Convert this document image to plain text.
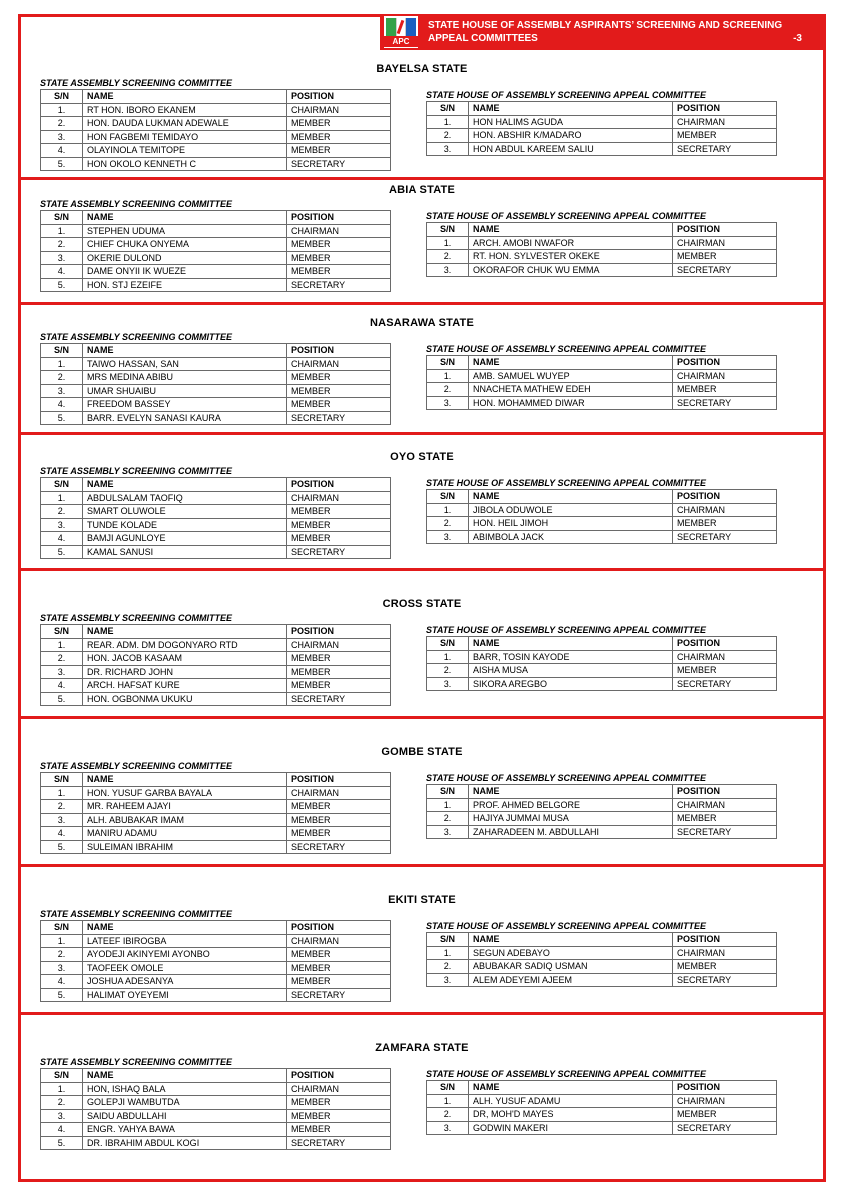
APC
STATE HOUSE OF ASSEMBLY ASPIRANTS’ SCREENING AND SCREENING APPEAL COMMITTEES	-3
BAYELSA STATE
STATE ASSEMBLY SCREENING COMMITTEE
S/N	NAME	POSITION
1.	RT HON. IBORO EKANEM	CHAIRMAN
2.	HON. DAUDA LUKMAN ADEWALE	MEMBER
3.	HON FAGBEMI TEMIDAYO	MEMBER
4.	OLAYINOLA TEMITOPE	MEMBER
5.	HON OKOLO KENNETH C	SECRETARY
STATE HOUSE OF ASSEMBLY SCREENING APPEAL COMMITTEE
S/N	NAME	POSITION
1.	HON HALIMS AGUDA	CHAIRMAN
2.	HON. ABSHIR K/MADARO	MEMBER
3.	HON ABDUL KAREEM SALIU	SECRETARY
ABIA STATE
STATE ASSEMBLY SCREENING COMMITTEE
S/N	NAME	POSITION
1.	STEPHEN UDUMA	CHAIRMAN
2.	CHIEF CHUKA ONYEMA	MEMBER
3.	OKERIE DULOND	MEMBER
4.	DAME ONYII IK WUEZE	MEMBER
5.	HON. STJ EZEIFE	SECRETARY
STATE HOUSE OF ASSEMBLY SCREENING APPEAL COMMITTEE
S/N	NAME	POSITION
1.	ARCH. AMOBI NWAFOR	CHAIRMAN
2.	RT. HON. SYLVESTER OKEKE	MEMBER
3.	OKORAFOR CHUK WU EMMA	SECRETARY
NASARAWA STATE
STATE ASSEMBLY SCREENING COMMITTEE
S/N	NAME	POSITION
1.	TAIWO HASSAN, SAN	CHAIRMAN
2.	MRS MEDINA ABIBU	MEMBER
3.	UMAR SHUAIBU	MEMBER
4.	FREEDOM BASSEY	MEMBER
5.	BARR. EVELYN SANASI KAURA	SECRETARY
STATE HOUSE OF ASSEMBLY SCREENING APPEAL COMMITTEE
S/N	NAME	POSITION
1.	AMB. SAMUEL WUYEP	CHAIRMAN
2.	NNACHETA MATHEW EDEH	MEMBER
3.	HON. MOHAMMED DIWAR	SECRETARY
OYO STATE
STATE ASSEMBLY SCREENING COMMITTEE
S/N	NAME	POSITION
1.	ABDULSALAM TAOFIQ	CHAIRMAN
2.	SMART OLUWOLE	MEMBER
3.	TUNDE KOLADE	MEMBER
4.	BAMJI AGUNLOYE	MEMBER
5.	KAMAL SANUSI	SECRETARY
STATE HOUSE OF ASSEMBLY SCREENING APPEAL COMMITTEE
S/N	NAME	POSITION
1.	JIBOLA ODUWOLE	CHAIRMAN
2.	HON. HEIL JIMOH	MEMBER
3.	ABIMBOLA JACK	SECRETARY
CROSS STATE
STATE ASSEMBLY SCREENING COMMITTEE
S/N	NAME	POSITION
1.	REAR. ADM. DM DOGONYARO RTD	CHAIRMAN
2.	HON. JACOB KASAAM	MEMBER
3.	DR. RICHARD JOHN	MEMBER
4.	ARCH. HAFSAT KURE	MEMBER
5.	HON. OGBONMA UKUKU	SECRETARY
STATE HOUSE OF ASSEMBLY SCREENING APPEAL COMMITTEE
S/N	NAME	POSITION
1.	BARR, TOSIN KAYODE	CHAIRMAN
2.	AISHA MUSA	MEMBER
3.	SIKORA AREGBO	SECRETARY
GOMBE STATE
STATE ASSEMBLY SCREENING COMMITTEE
S/N	NAME	POSITION
1.	HON. YUSUF GARBA BAYALA	CHAIRMAN
2.	MR. RAHEEM AJAYI	MEMBER
3.	ALH. ABUBAKAR IMAM	MEMBER
4.	MANIRU ADAMU	MEMBER
5.	SULEIMAN IBRAHIM	SECRETARY
STATE HOUSE OF ASSEMBLY SCREENING APPEAL COMMITTEE
S/N	NAME	POSITION
1.	PROF. AHMED BELGORE	CHAIRMAN
2.	HAJIYA JUMMAI MUSA	MEMBER
3.	ZAHARADEEN M. ABDULLAHI	SECRETARY
EKITI STATE
STATE ASSEMBLY SCREENING COMMITTEE
S/N	NAME	POSITION
1.	LATEEF IBIROGBA	CHAIRMAN
2.	AYODEJI AKINYEMI AYONBO	MEMBER
3.	TAOFEEK OMOLE	MEMBER
4.	JOSHUA ADESANYA	MEMBER
5.	HALIMAT OYEYEMI	SECRETARY
STATE HOUSE OF ASSEMBLY SCREENING APPEAL COMMITTEE
S/N	NAME	POSITION
1.	SEGUN ADEBAYO	CHAIRMAN
2.	ABUBAKAR SADIQ USMAN	MEMBER
3.	ALEM ADEYEMI AJEEM	SECRETARY
ZAMFARA STATE
STATE ASSEMBLY SCREENING COMMITTEE
S/N	NAME	POSITION
1.	HON, ISHAQ BALA	CHAIRMAN
2.	GOLEPJI WAMBUTDA	MEMBER
3.	SAIDU ABDULLAHI	MEMBER
4.	ENGR. YAHYA BAWA	MEMBER
5.	DR. IBRAHIM ABDUL KOGI	SECRETARY
STATE HOUSE OF ASSEMBLY SCREENING APPEAL COMMITTEE
S/N	NAME	POSITION
1.	ALH. YUSUF ADAMU	CHAIRMAN
2.	DR, MOH'D MAYES	MEMBER
3.	GODWIN MAKERI	SECRETARY
